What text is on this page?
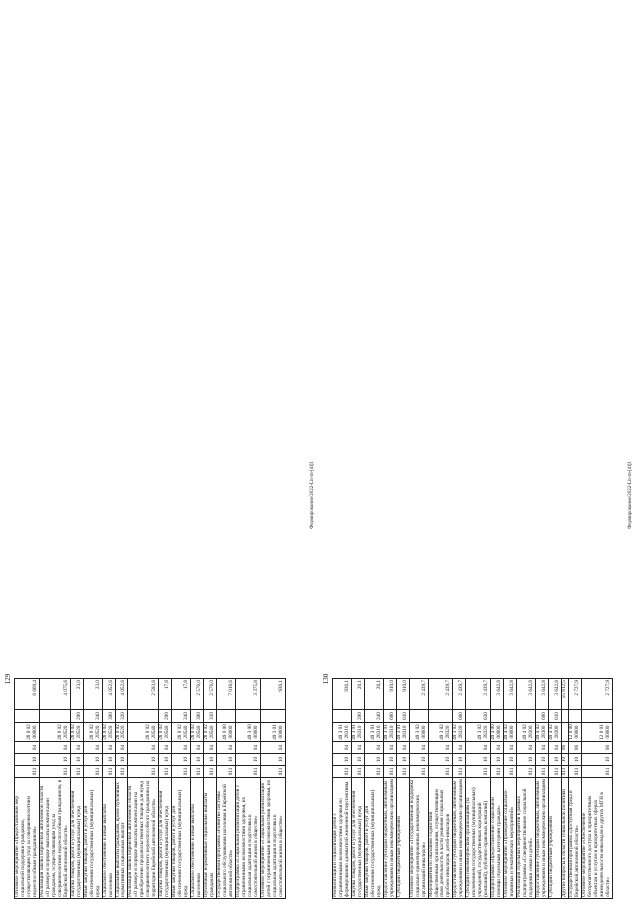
129
Основное мероприятие «Предоставление мер социальной поддержки гражданам, осуществляющим уход за совершеннолетним недееспособным гражданином»	011	10	04	28 0 02 00000		6 669,4
Реализация закона Еврейской автономной области «О размере и порядке выплаты компенсации гражданам, осуществляющим уход за совершеннолетним недееспособным гражданином, в Еврейской автономной области»	011	10	04	28 0 02 20520		4 075,6
Закупка товаров, работ и услуг для обеспечения государственных (муниципальных) нужд	011	10	04	28 0 02 20520	200	23,0
Иные закупки товаров, работ и услуг для обеспечения государственных (муниципальных) нужд	011	10	04	28 0 02 20520	240	23,0
Социальное обеспечение и иные выплаты населению	011	10	04	28 0 02 20520	300	4 052,6
Социальные выплаты гражданам, кроме публичных нормативных социальных выплат	011	10	04	28 0 02 20520	320	4 052,6
Реализация закона Еврейской автономной области «О размере и порядке выплаты компенсации на приобретение продовольственных товаров для нужд совершеннолетнего недееспособного гражданина на территории Еврейской автономной области»	011	10	04	28 0 02 20540		2 593,8
Закупка товаров, работ и услуг для обеспечения государственных (муниципальных) нужд	011	10	04	28 0 02 20540	200	17,8
Иные закупки товаров, работ и услуг для обеспечения государственных (муниципальных) нужд	011	10	04	28 0 02 20540	240	17,8
Социальное обеспечение и иные выплаты населению	011	10	04	28 0 02 20540	300	2 576,0
Публичные нормативные социальные выплаты гражданам	011	10	04	28 0 02 20540	310	2 576,0
Государственная программа «Развитие системы социального обслуживания населения в Еврейской автономной области»	011	10	04	49 0 00 00000		7 018,6
Подпрограмма «Социальная реабилитация детей с ограниченными возможностями здоровья, их социальная адаптация и подготовка к самостоятельной жизни в обществе»	011	10	04	49 3 00 00000		3 375,8
Основное мероприятие «Социальная реабилитация детей с ограниченными возможностями здоровья, их социальная адаптация и подготовка к самостоятельной жизни в обществе»	011	10	04	49 3 01 00000		936,1
Формирование/2022-Lit-rn-[dl]1
130
Реабилитация и социализация детей с ограниченными возможностями здоровья по формированию адекватной жизненной перспективы	011	10	04	49 3 01 28310		936,1
Закупка товаров, работ и услуг для обеспечения государственных (муниципальных) нужд	011	10	04	49 3 01 28310	200	26,1
Иные закупки товаров, работ и услуг для обеспечения государственных (муниципальных) нужд	011	10	04	49 3 01 28310	240	26,1
Предоставление субсидий бюджетным, автономным учреждениям и иным некоммерческим организациям	011	10	04	49 3 01 28310	600	910,0
Субсидии бюджетным учреждениям	011	10	04	49 3 01 28310	610	910,0
Основное мероприятие «Государственная поддержка социально-ориентированных некоммерческих организаций инвалидов»	011	10	04	49 3 02 00000		2 439,7
Мероприятия по оказанию содействия общественным организациям, осуществляющим свою деятельность в части решения социальных проблем инвалидов, детей-инвалидов	011	10	04	49 3 02 28320		2 439,7
Предоставление субсидий бюджетным, автономным учреждениям и иным некоммерческим организациям	011	10	04	49 3 02 28320	600	2 439,7
Субсидии некоммерческим организациям (за исключением государственных (муниципальных) учреждений, государственных корпораций (компаний), публично-правовых компаний)	011	10	04	49 3 02 28320	630	2 439,7
Подпрограмма «Предоставление социальной помощи отдельным категориям граждан»	011	10	04	49 4 00 00000		3 642,8
Основное мероприятие «Проведение социально-значимых и тематических мероприятий»	011	10	04	49 4 02 00000		3 642,8
Реализация отдельных мероприятий в рамках подпрограммы «Совершенствование социальной поддержки семьи и детей»	011	10	04	49 4 02 28300		3 642,8
Предоставление субсидий бюджетным, автономным учреждениям и иным некоммерческим организациям	011	10	04	49 4 02 28300	600	3 642,8
Субсидии бюджетным учреждениям	011	10	04	49 4 02 28300	610	3 642,8
Другие вопросы в области социальной политики	011	10	06			55 812,5
Государственная программа «Доступная среда в Еврейской автономной области»	011	10	06	12 0 00 00000		2 727,9
Основное мероприятие «Обеспечение беспрепятственного доступа к приоритетным объектам и услугам в приоритетных сферах жизнедеятельности инвалидов и других МГН в области»	011	10	06	12 0 01 00000		2 727,9
Формирование/2022-Lit-rn-[dl]1
